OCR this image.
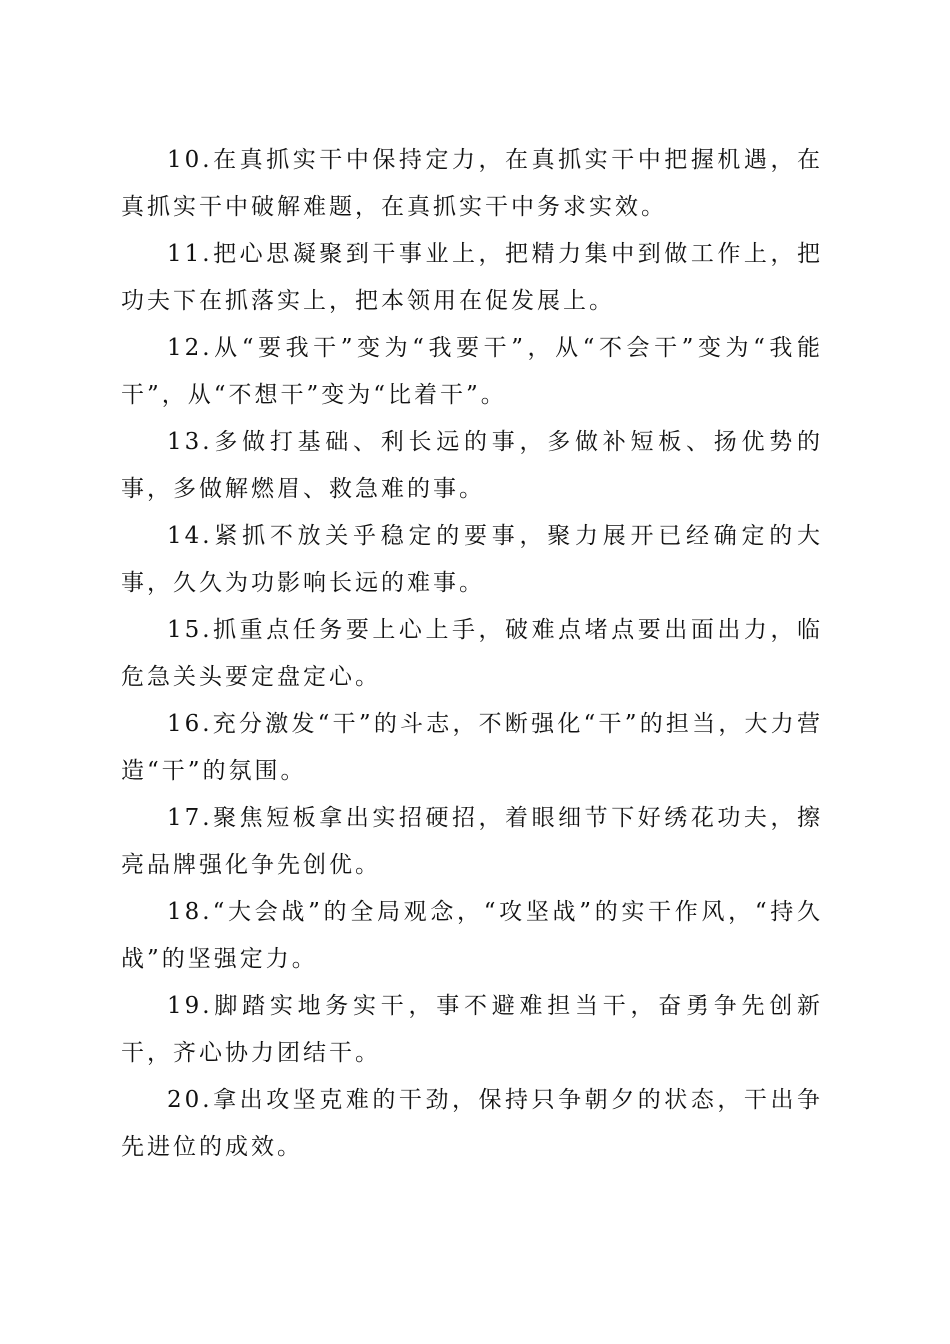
10.在真抓实干中保持定力，在真抓实干中把握机遇，在真抓实干中破解难题，在真抓实干中务求实效。

11.把心思凝聚到干事业上，把精力集中到做工作上，把功夫下在抓落实上，把本领用在促发展上。

12.从“要我干”变为“我要干”，从“不会干”变为“我能干”，从“不想干”变为“比着干”。

13.多做打基础、利长远的事，多做补短板、扬优势的事，多做解燃眉、救急难的事。

14.紧抓不放关乎稳定的要事，聚力展开已经确定的大事，久久为功影响长远的难事。

15.抓重点任务要上心上手，破难点堵点要出面出力，临危急关头要定盘定心。

16.充分激发“干”的斗志，不断强化“干”的担当，大力营造“干”的氛围。

17.聚焦短板拿出实招硬招，着眼细节下好绣花功夫，擦亮品牌强化争先创优。

18.“大会战”的全局观念，“攻坚战”的实干作风，“持久战”的坚强定力。

19.脚踏实地务实干，事不避难担当干，奋勇争先创新干，齐心协力团结干。

20.拿出攻坚克难的干劲，保持只争朝夕的状态，干出争先进位的成效。
